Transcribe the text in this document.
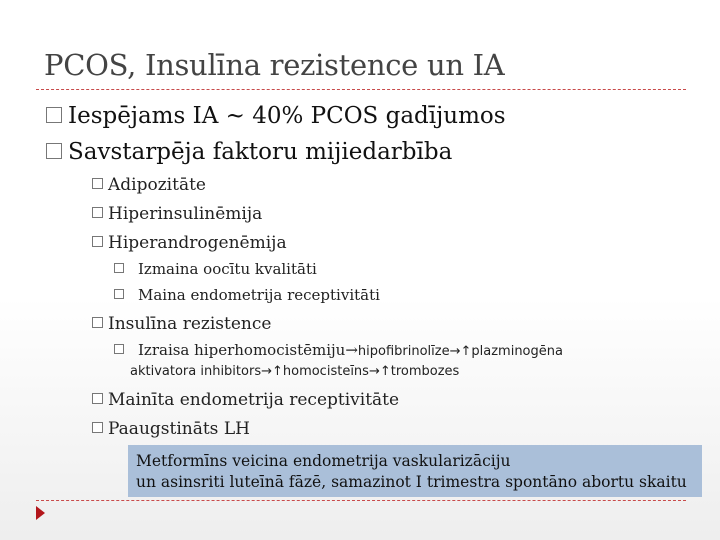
PCOS, Insulīna rezistence un IA
Iespējams IA ~ 40% PCOS gadījumos
Savstarpēja faktoru mijiedarbība
Adipozitāte
Hiperinsulinēmija
Hiperandrogenēmija
Izmaina oocītu kvalitāti
Maina endometrija receptivitāti
Insulīna rezistence
Izraisa hiperhomocistēmiju→hipofibrinolīze→↑plazminogēna
aktivatora inhibitors→↑homocisteīns→↑trombozes
Mainīta endometrija receptivitāte
Paaugstināts LH
Metformīns veicina endometrija vaskularizāciju
un asinsriti luteīnā fāzē, samazinot I trimestra spontāno abortu skaitu
